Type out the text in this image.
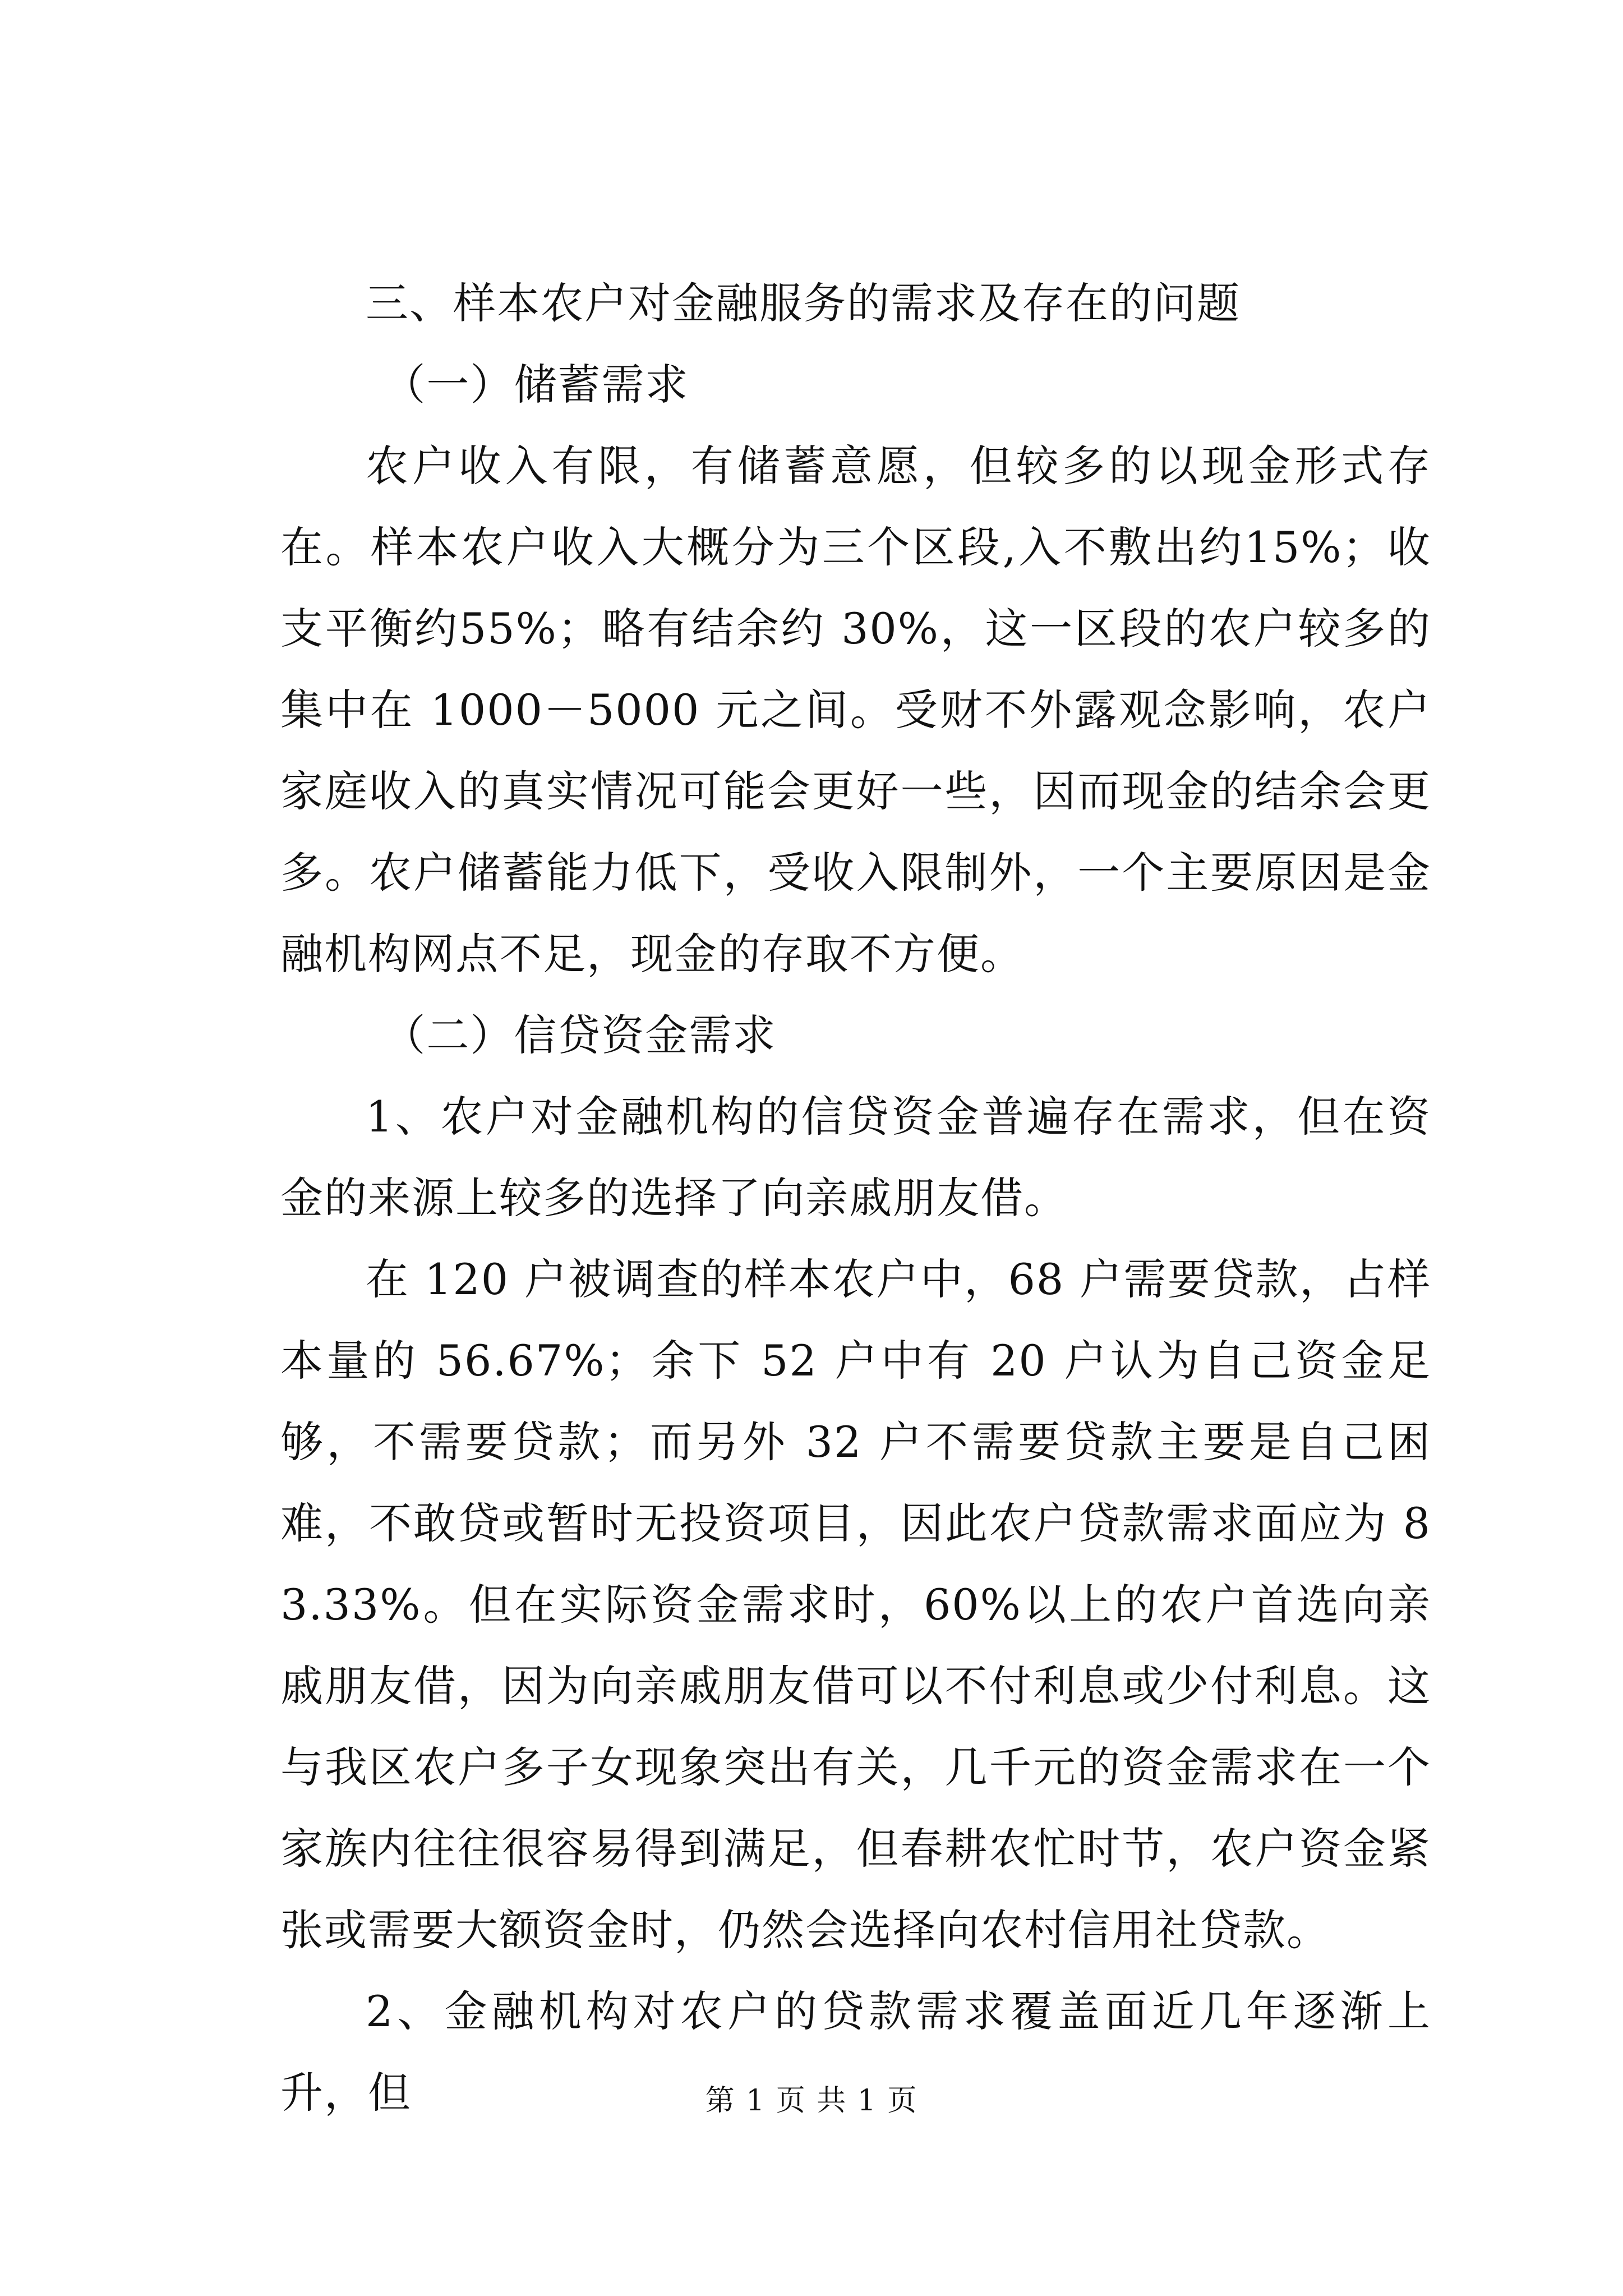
三、样本农户对金融服务的需求及存在的问题

（一）储蓄需求

农户收入有限，有储蓄意愿，但较多的以现金形式存在。样本农户收入大概分为三个区段,入不敷出约15%；收支平衡约55%；略有结余约 30%，这一区段的农户较多的集中在 1000－5000 元之间。受财不外露观念影响，农户家庭收入的真实情况可能会更好一些，因而现金的结余会更多。农户储蓄能力低下，受收入限制外，一个主要原因是金融机构网点不足，现金的存取不方便。

（二）信贷资金需求

1、农户对金融机构的信贷资金普遍存在需求，但在资金的来源上较多的选择了向亲戚朋友借。

在 120 户被调查的样本农户中，68 户需要贷款，占样本量的 56.67%；余下 52 户中有 20 户认为自己资金足够，不需要贷款；而另外 32 户不需要贷款主要是自己困难，不敢贷或暂时无投资项目，因此农户贷款需求面应为 83.33%。但在实际资金需求时，60%以上的农户首选向亲戚朋友借，因为向亲戚朋友借可以不付利息或少付利息。这与我区农户多子女现象突出有关，几千元的资金需求在一个家族内往往很容易得到满足，但春耕农忙时节，农户资金紧张或需要大额资金时，仍然会选择向农村信用社贷款。

2、金融机构对农户的贷款需求覆盖面近几年逐渐上升，但	第 1 页 共 1 页
